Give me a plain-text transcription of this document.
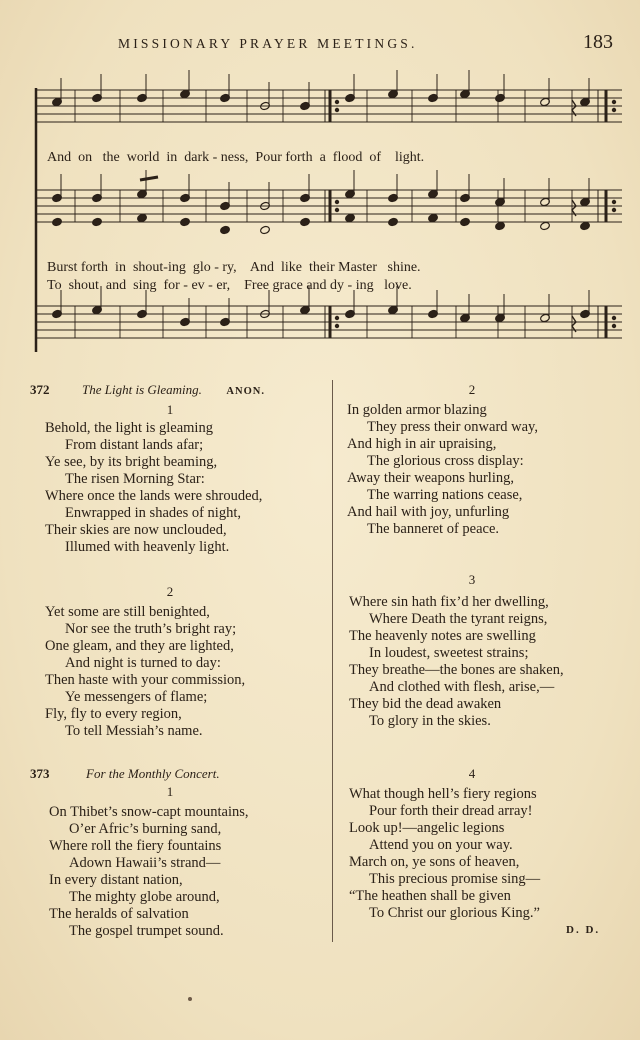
MISSIONARY PRAYER MEETINGS.	183
And  on   the  world  in  dark - ness,  Pour forth  a  flood  of    light.
Burst forth  in  shout-ing  glo - ry,    And  like  their Master   shine.
To  shout  and  sing  for - ev - er,    Free grace and dy - ing   love.
372	The Light is Gleaming. ANON.
373	For the Monthly Concert.
1
Behold, the light is gleaming
From distant lands afar;
Ye see, by its bright beaming,
The risen Morning Star:
Where once the lands were shrouded,
Enwrapped in shades of night,
Their skies are now unclouded,
Illumed with heavenly light.
2
Yet some are still benighted,
Nor see the truth’s bright ray;
One gleam, and they are lighted,
And night is turned to day:
Then haste with your commission,
Ye messengers of flame;
Fly, fly to every region,
To tell Messiah’s name.
2
In golden armor blazing
They press their onward way,
And high in air upraising,
The glorious cross display:
Away their weapons hurling,
The warring nations cease,
And hail with joy, unfurling
The banneret of peace.
1
On Thibet’s snow-capt mountains,
O’er Afric’s burning sand,
Where roll the fiery fountains
Adown Hawaii’s strand—
In every distant nation,
The mighty globe around,
The heralds of salvation
The gospel trumpet sound.
3
Where sin hath fix’d her dwelling,
Where Death the tyrant reigns,
The heavenly notes are swelling
In loudest, sweetest strains;
They breathe—the bones are shaken,
And clothed with flesh, arise,—
They bid the dead awaken
To glory in the skies.
4
What though hell’s fiery regions
Pour forth their dread array!
Look up!—angelic legions
Attend you on your way.
March on, ye sons of heaven,
This precious promise sing—
“The heathen shall be given
To Christ our glorious King.”
D. D.
